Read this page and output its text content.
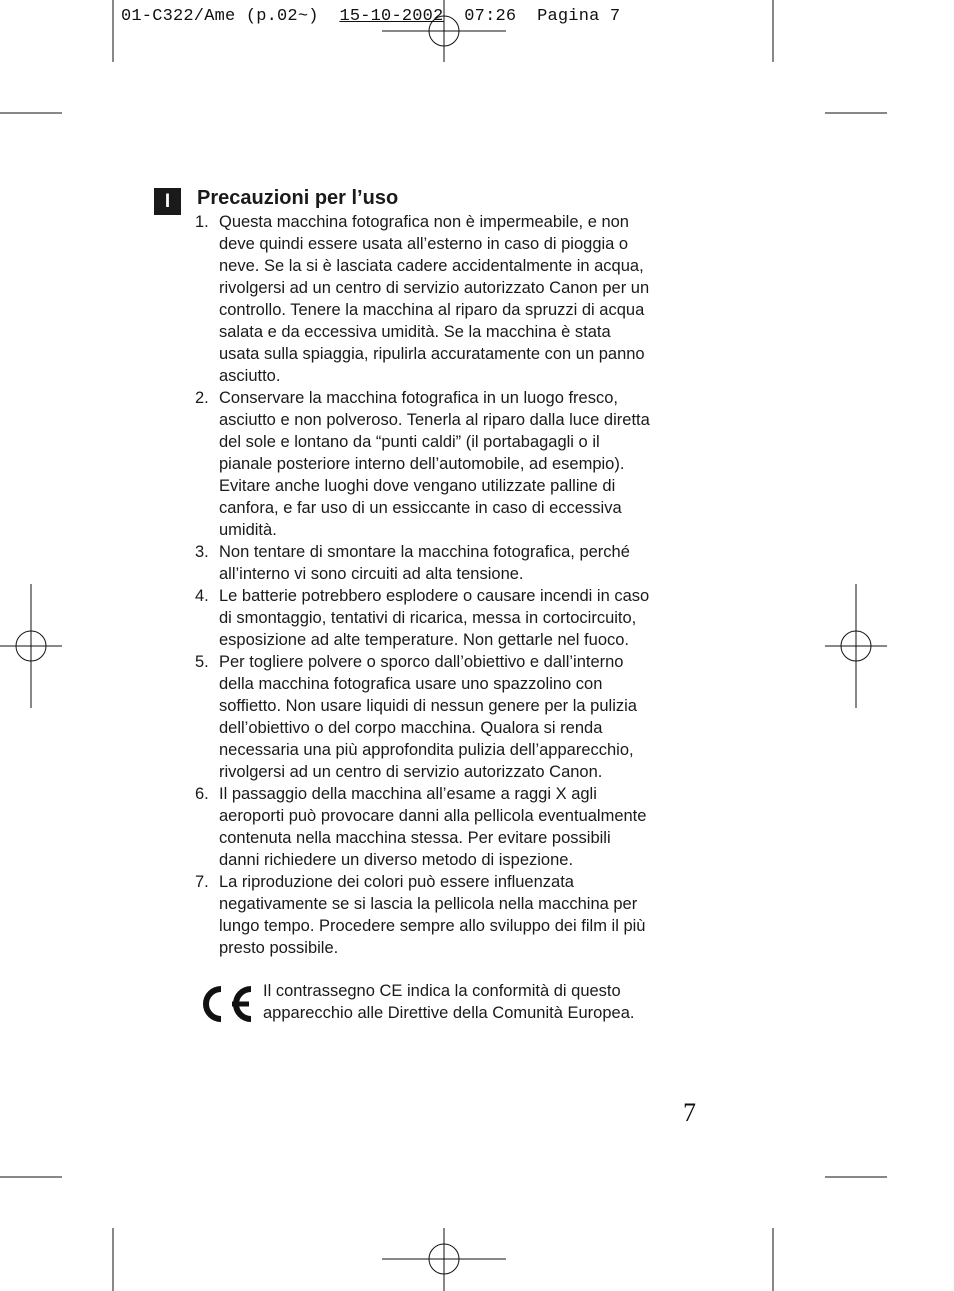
01-C322/Ame (p.02~)  15-10-2002  07:26  Pagina 7
I	Precauzioni per l’uso
1. Questa macchina fotografica non è impermeabile, e non
deve quindi essere usata all’esterno in caso di pioggia o
neve. Se la si è lasciata cadere accidentalmente in acqua,
rivolgersi ad un centro di servizio autorizzato Canon per un
controllo. Tenere la macchina al riparo da spruzzi di acqua
salata e da eccessiva umidità. Se la macchina è stata
usata sulla spiaggia, ripulirla accuratamente con un panno
asciutto.
2. Conservare la macchina fotografica in un luogo fresco,
asciutto e non polveroso. Tenerla al riparo dalla luce diretta
del sole e lontano da “punti caldi” (il portabagagli o il
pianale posteriore interno dell’automobile, ad esempio).
Evitare anche luoghi dove vengano utilizzate palline di
canfora, e far uso di un essiccante in caso di eccessiva
umidità.
3. Non tentare di smontare la macchina fotografica, perché
all’interno vi sono circuiti ad alta tensione.
4. Le batterie potrebbero esplodere o causare incendi in caso
di smontaggio, tentativi di ricarica, messa in cortocircuito,
esposizione ad alte temperature. Non gettarle nel fuoco.
5. Per togliere polvere o sporco dall’obiettivo e dall’interno
della macchina fotografica usare uno spazzolino con
soffietto. Non usare liquidi di nessun genere per la pulizia
dell’obiettivo o del corpo macchina. Qualora si renda
necessaria una più approfondita pulizia dell’apparecchio,
rivolgersi ad un centro di servizio autorizzato Canon.
6. Il passaggio della macchina all’esame a raggi X agli
aeroporti può provocare danni alla pellicola eventualmente
contenuta nella macchina stessa. Per evitare possibili
danni richiedere un diverso metodo di ispezione.
7. La riproduzione dei colori può essere influenzata
negativamente se si lascia la pellicola nella macchina per
lungo tempo. Procedere sempre allo sviluppo dei film il più
presto possibile.

Il contrassegno CE indica la conformità di questo
apparecchio alle Direttive della Comunità Europea.

7
